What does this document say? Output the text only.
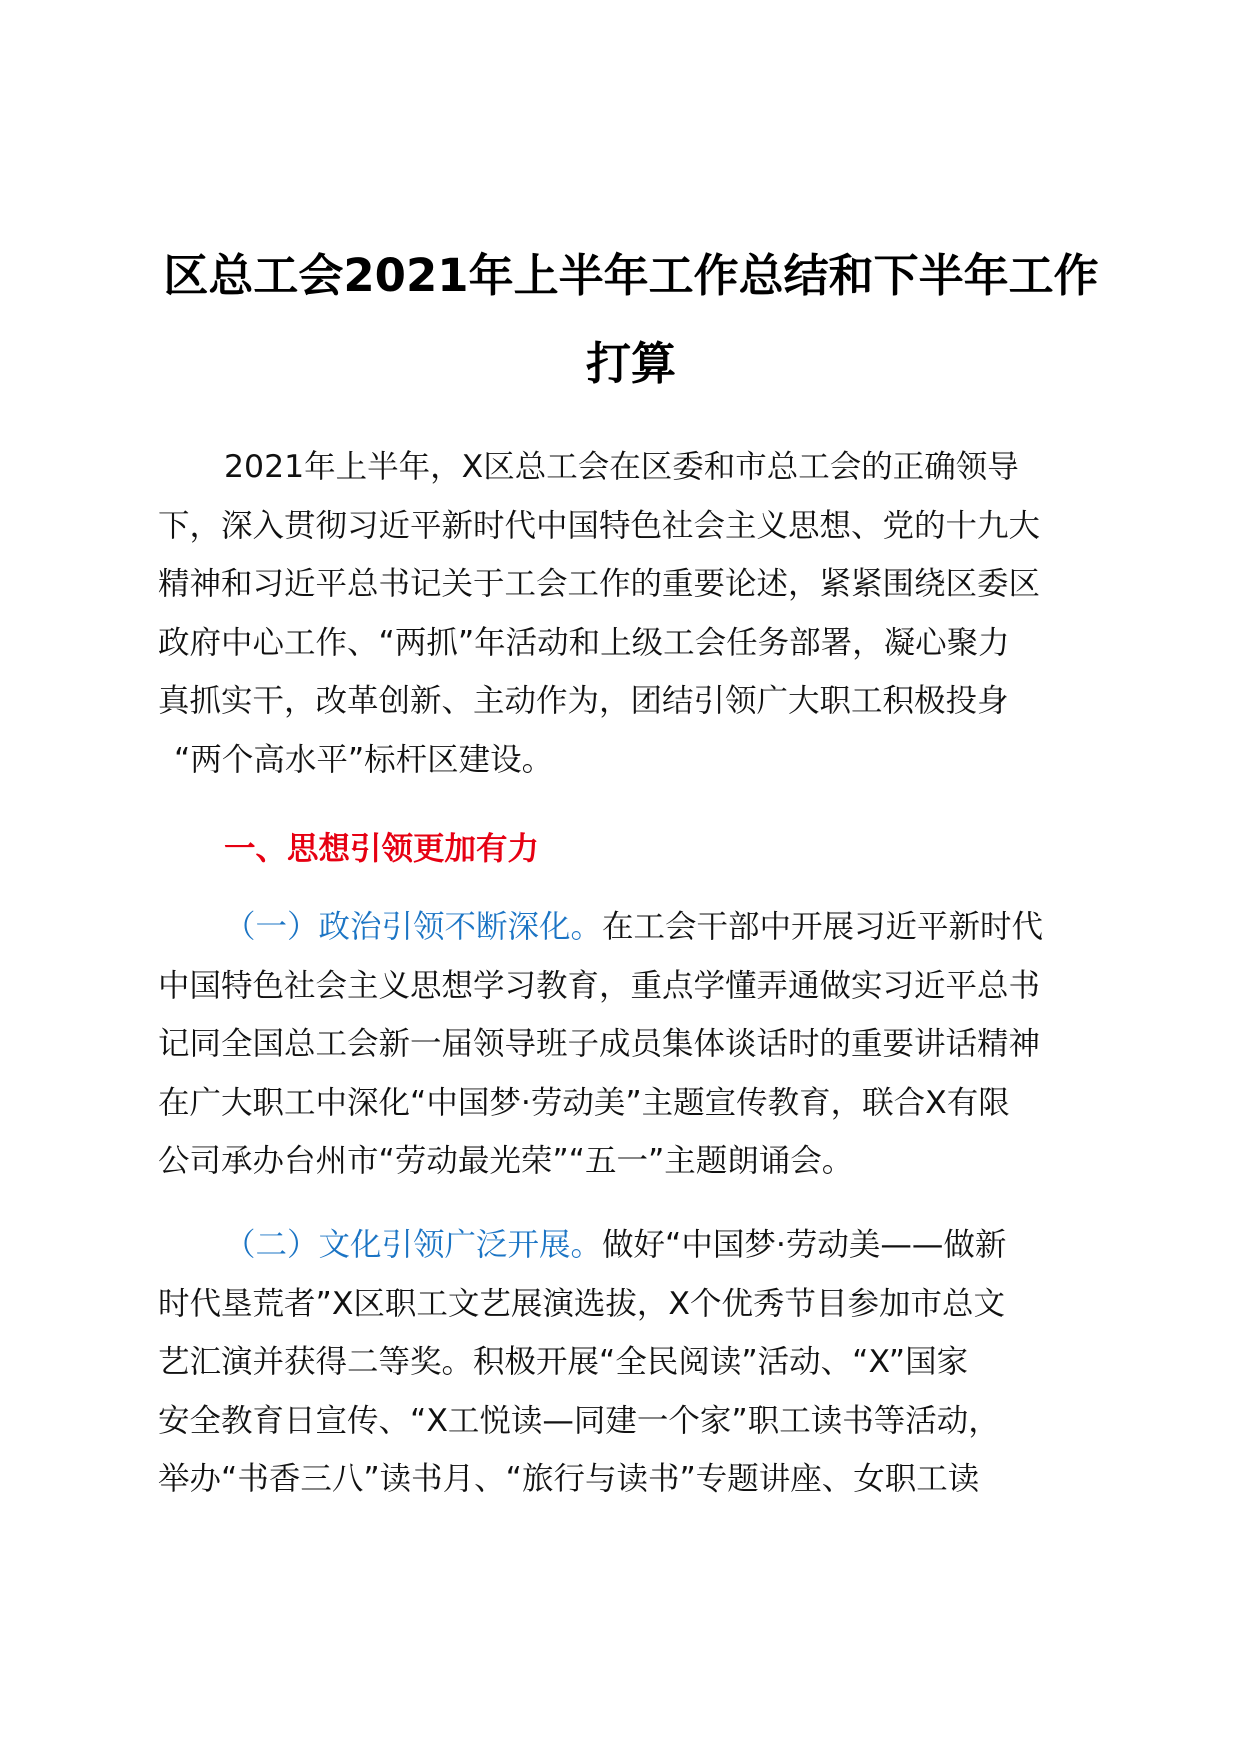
区总工会2021年上半年工作总结和下半年工作
打算
2021年上半年，X区总工会在区委和市总工会的正确领导
下，深入贯彻习近平新时代中国特色社会主义思想、党的十九大
精神和习近平总书记关于工会工作的重要论述，紧紧围绕区委区
政府中心工作、“两抓”年活动和上级工会任务部署，凝心聚力
真抓实干，改革创新、主动作为，团结引领广大职工积极投身
“两个高水平”标杆区建设。
一、思想引领更加有力
（一）政治引领不断深化。在工会干部中开展习近平新时代
中国特色社会主义思想学习教育，重点学懂弄通做实习近平总书
记同全国总工会新一届领导班子成员集体谈话时的重要讲话精神
在广大职工中深化“中国梦·劳动美”主题宣传教育，联合X有限
公司承办台州市“劳动最光荣”“五一”主题朗诵会。
（二）文化引领广泛开展。做好“中国梦·劳动美——做新
时代垦荒者”X区职工文艺展演选拔，X个优秀节目参加市总文
艺汇演并获得二等奖。积极开展“全民阅读”活动、“X”国家
安全教育日宣传、“X工悦读—同建一个家”职工读书等活动，
举办“书香三八”读书月、“旅行与读书”专题讲座、女职工读
